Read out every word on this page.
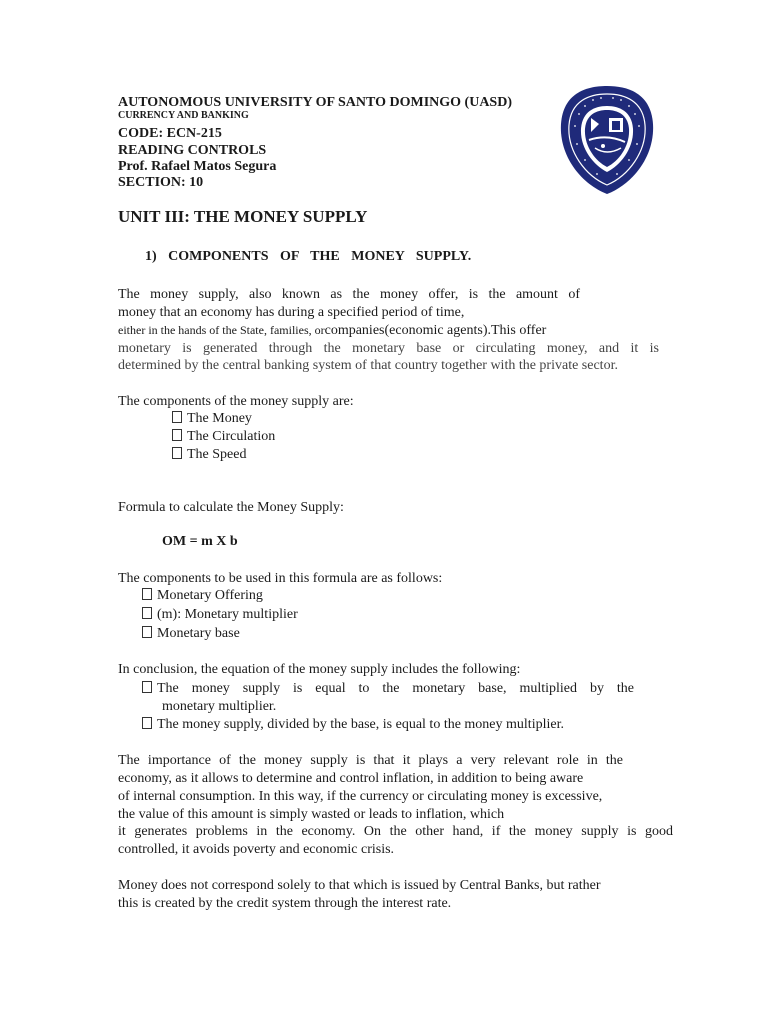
AUTONOMOUS UNIVERSITY OF SANTO DOMINGO (UASD)
CURRENCY AND BANKING
CODE: ECN-215
READING CONTROLS
Prof. Rafael Matos Segura
SECTION: 10
UNIT III: THE MONEY SUPPLY
1) COMPONENTS OF THE MONEY SUPPLY.
The money supply, also known as the money offer, is the amount of
money that an economy has during a specified period of time,
either in the hands of the State, families, orcompanies(economic agents).This offer
monetary is generated through the monetary base or circulating money, and it is
determined by the central banking system of that country together with the private sector.
The components of the money supply are:
The Money
The Circulation
The Speed
Formula to calculate the Money Supply:
OM = m X b
The components to be used in this formula are as follows:
Monetary Offering
(m): Monetary multiplier
Monetary base
In conclusion, the equation of the money supply includes the following:
The money supply is equal to the monetary base, multiplied by the
monetary multiplier.
The money supply, divided by the base, is equal to the money multiplier.
The importance of the money supply is that it plays a very relevant role in the
economy, as it allows to determine and control inflation, in addition to being aware
of internal consumption. In this way, if the currency or circulating money is excessive,
the value of this amount is simply wasted or leads to inflation, which
it generates problems in the economy. On the other hand, if the money supply is good
controlled, it avoids poverty and economic crisis.
Money does not correspond solely to that which is issued by Central Banks, but rather
this is created by the credit system through the interest rate.
